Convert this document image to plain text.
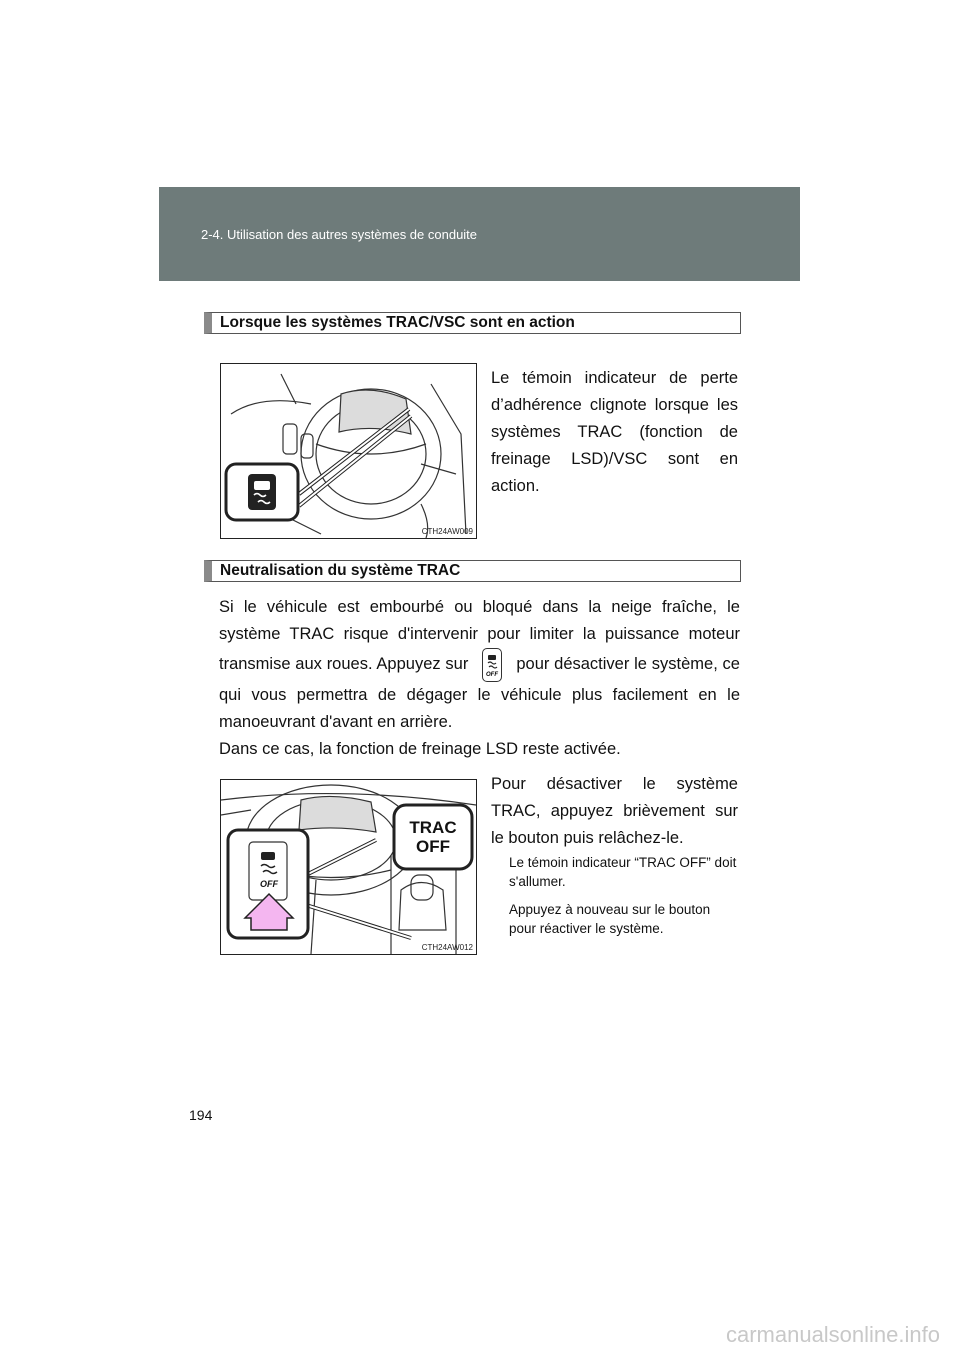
2-4. Utilisation des autres systèmes de conduite
Lorsque les systèmes TRAC/VSC sont en action
CTH24AW009
Le témoin indicateur de perte d’adhérence clignote lorsque les systèmes TRAC (fonction de freinage LSD)/VSC sont en action.
Neutralisation du système TRAC
Si le véhicule est embourbé ou bloqué dans la neige fraîche, le système TRAC risque d'intervenir pour limiter la puissance moteur transmise aux roues. Appuyez sur
OFF
pour désactiver le système, ce qui vous permettra de dégager le véhicule plus facilement en le manoeuvrant d'avant en arrière.
Dans ce cas, la fonction de freinage LSD reste activée.
TRAC OFF
OFF
CTH24AW012
Pour désactiver le système TRAC, appuyez brièvement sur le bouton puis relâchez-le.
Le témoin indicateur “TRAC OFF” doit s'allumer.
Appuyez à nouveau sur le bouton pour réactiver le système.
194
carmanualsonline.info
